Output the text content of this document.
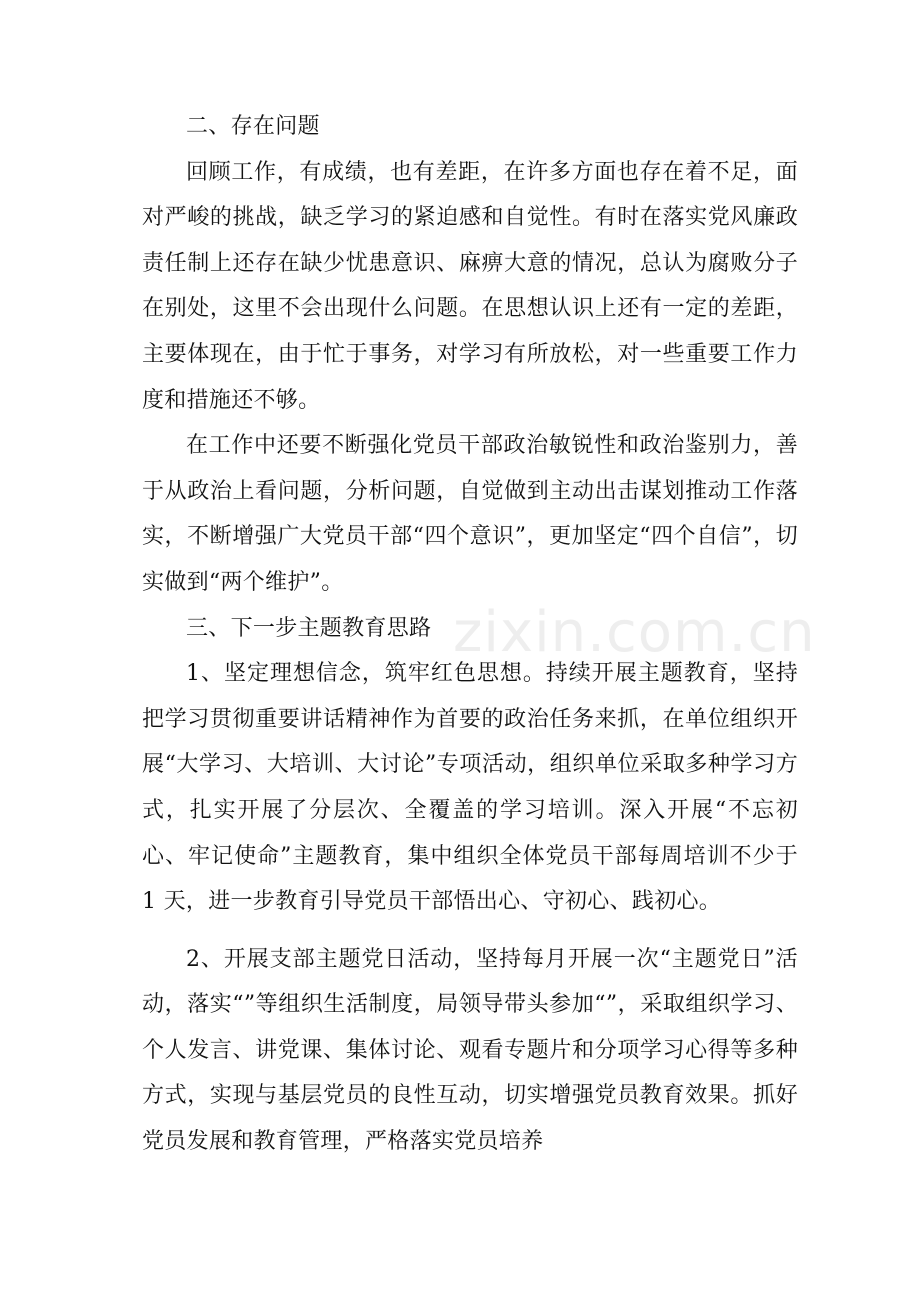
二、存在问题

回顾工作，有成绩，也有差距，在许多方面也存在着不足，面对严峻的挑战，缺乏学习的紧迫感和自觉性。有时在落实党风廉政责任制上还存在缺少忧患意识、麻痹大意的情况，总认为腐败分子在别处，这里不会出现什么问题。在思想认识上还有一定的差距，主要体现在，由于忙于事务，对学习有所放松，对一些重要工作力度和措施还不够。

在工作中还要不断强化党员干部政治敏锐性和政治鉴别力，善于从政治上看问题，分析问题，自觉做到主动出击谋划推动工作落实，不断增强广大党员干部“四个意识”，更加坚定“四个自信”，切实做到“两个维护”。

三、下一步主题教育思路

1、坚定理想信念，筑牢红色思想。持续开展主题教育，坚持把学习贯彻重要讲话精神作为首要的政治任务来抓，在单位组织开展“大学习、大培训、大讨论”专项活动，组织单位采取多种学习方式，扎实开展了分层次、全覆盖的学习培训。深入开展“不忘初心、牢记使命”主题教育，集中组织全体党员干部每周培训不少于 1 天，进一步教育引导党员干部悟出心、守初心、践初心。

2、开展支部主题党日活动，坚持每月开展一次“主题党日”活动，落实“”等组织生活制度，局领导带头参加“”，采取组织学习、个人发言、讲党课、集体讨论、观看专题片和分项学习心得等多种方式，实现与基层党员的良性互动，切实增强党员教育效果。抓好党员发展和教育管理，严格落实党员培养

zixin.com.cn
